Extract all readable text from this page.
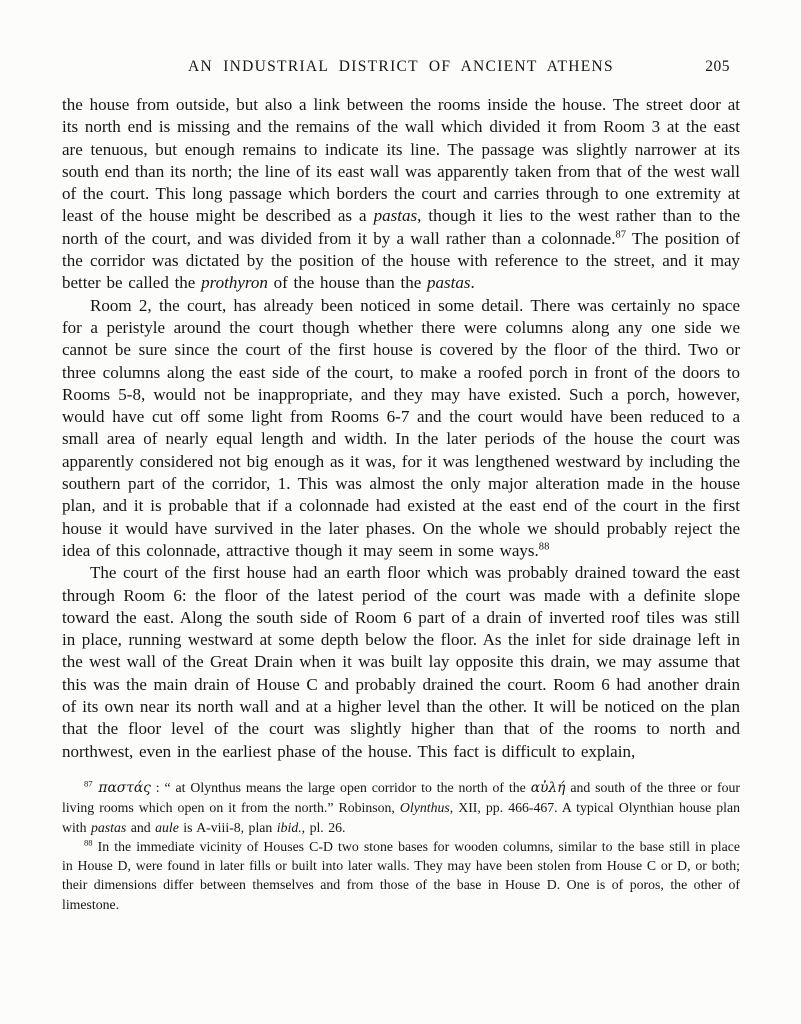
AN INDUSTRIAL DISTRICT OF ANCIENT ATHENS	205

the house from outside, but also a link between the rooms inside the house. The street door at its north end is missing and the remains of the wall which divided it from Room 3 at the east are tenuous, but enough remains to indicate its line. The passage was slightly narrower at its south end than its north; the line of its east wall was apparently taken from that of the west wall of the court. This long passage which borders the court and carries through to one extremity at least of the house might be described as a pastas, though it lies to the west rather than to the north of the court, and was divided from it by a wall rather than a colonnade.$^{87}$ The position of the corridor was dictated by the position of the house with reference to the street, and it may better be called the prothyron of the house than the pastas.

Room 2, the court, has already been noticed in some detail. There was certainly no space for a peristyle around the court though whether there were columns along any one side we cannot be sure since the court of the first house is covered by the floor of the third. Two or three columns along the east side of the court, to make a roofed porch in front of the doors to Rooms 5-8, would not be inappropriate, and they may have existed. Such a porch, however, would have cut off some light from Rooms 6-7 and the court would have been reduced to a small area of nearly equal length and width. In the later periods of the house the court was apparently considered not big enough as it was, for it was lengthened westward by including the southern part of the corridor, 1. This was almost the only major alteration made in the house plan, and it is probable that if a colonnade had existed at the east end of the court in the first house it would have survived in the later phases. On the whole we should probably reject the idea of this colonnade, attractive though it may seem in some ways.$^{88}$

The court of the first house had an earth floor which was probably drained toward the east through Room 6: the floor of the latest period of the court was made with a definite slope toward the east. Along the south side of Room 6 part of a drain of inverted roof tiles was still in place, running westward at some depth below the floor. As the inlet for side drainage left in the west wall of the Great Drain when it was built lay opposite this drain, we may assume that this was the main drain of House C and probably drained the court. Room 6 had another drain of its own near its north wall and at a higher level than the other. It will be noticed on the plan that the floor level of the court was slightly higher than that of the rooms to north and northwest, even in the earliest phase of the house. This fact is difficult to explain,

$^{87}$ παστάς : “ at Olynthus means the large open corridor to the north of the αὐλή and south of the three or four living rooms which open on it from the north.” Robinson, Olynthus, XII, pp. 466-467. A typical Olynthian house plan with pastas and aule is A-viii-8, plan ibid., pl. 26.

$^{88}$ In the immediate vicinity of Houses C-D two stone bases for wooden columns, similar to the base still in place in House D, were found in later fills or built into later walls. They may have been stolen from House C or D, or both; their dimensions differ between themselves and from those of the base in House D. One is of poros, the other of limestone.
